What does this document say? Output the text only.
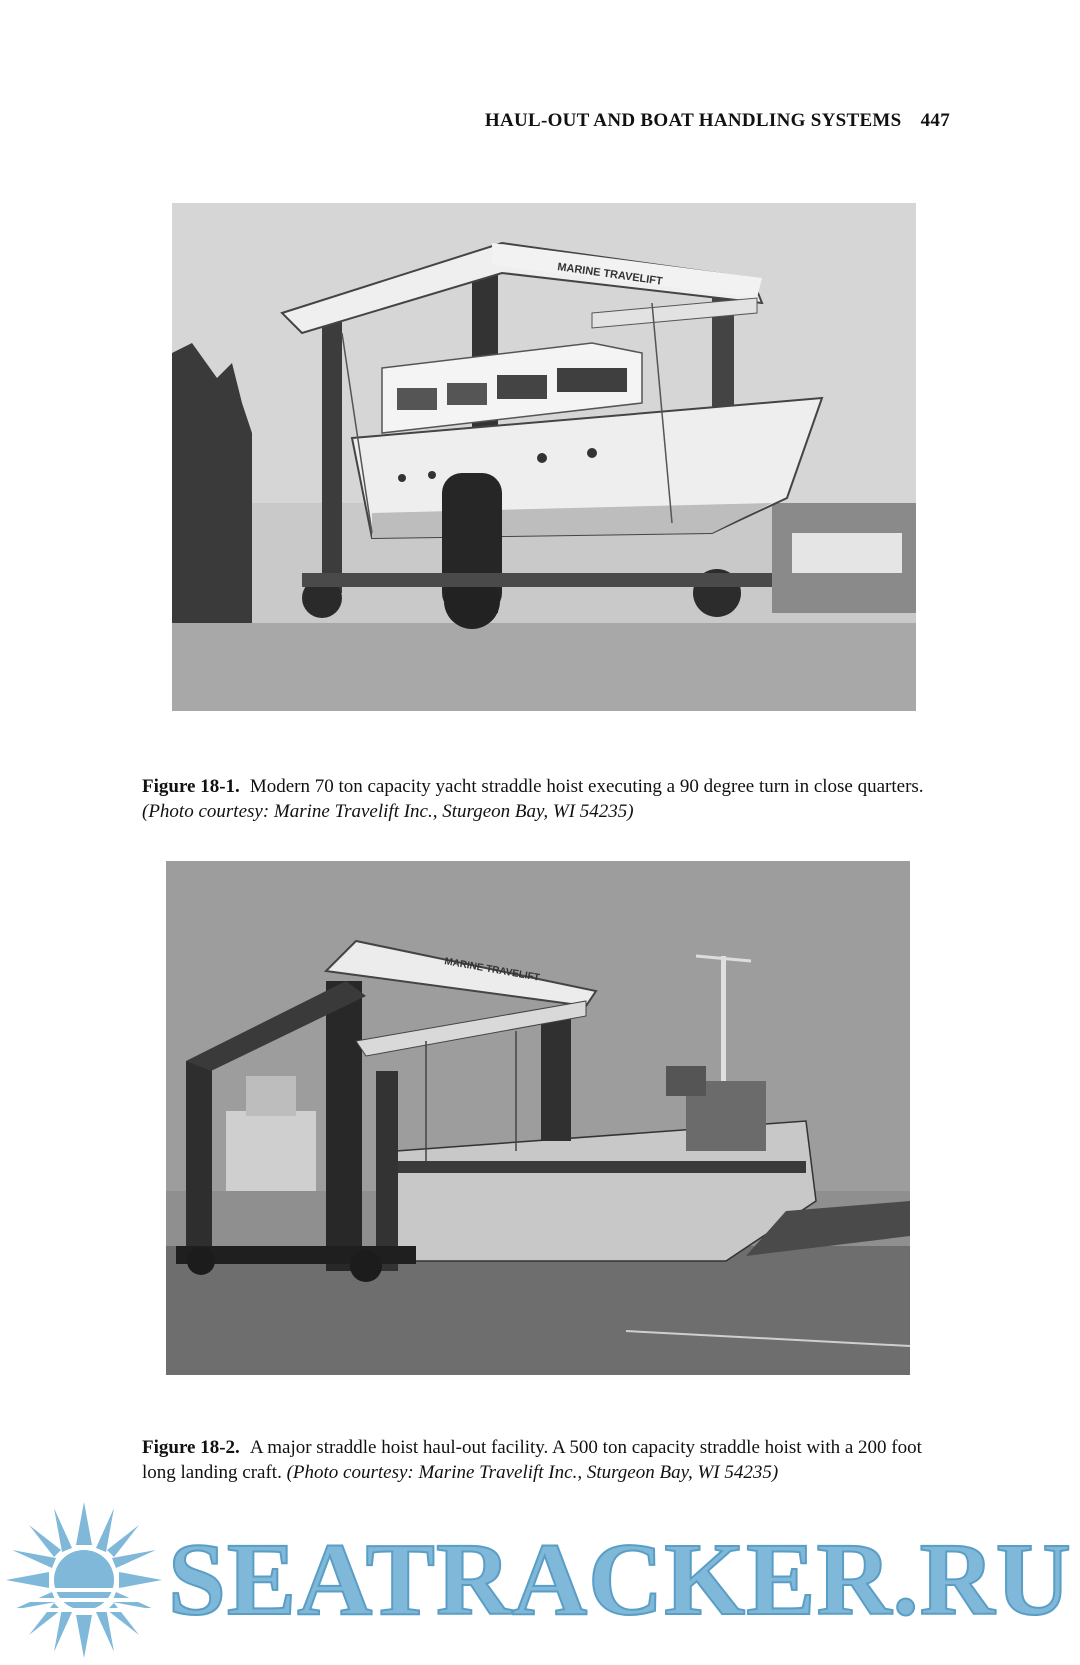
HAUL-OUT AND BOAT HANDLING SYSTEMS 447
MARINE TRAVELIFT
Figure 18-1. Modern 70 ton capacity yacht straddle hoist executing a 90 degree turn in close quarters. (Photo courtesy: Marine Travelift Inc., Sturgeon Bay, WI 54235)
MARINE TRAVELIFT
Figure 18-2. A major straddle hoist haul-out facility. A 500 ton capacity straddle hoist with a 200 foot long landing craft. (Photo courtesy: Marine Travelift Inc., Sturgeon Bay, WI 54235)
SEATRACKER.RU
